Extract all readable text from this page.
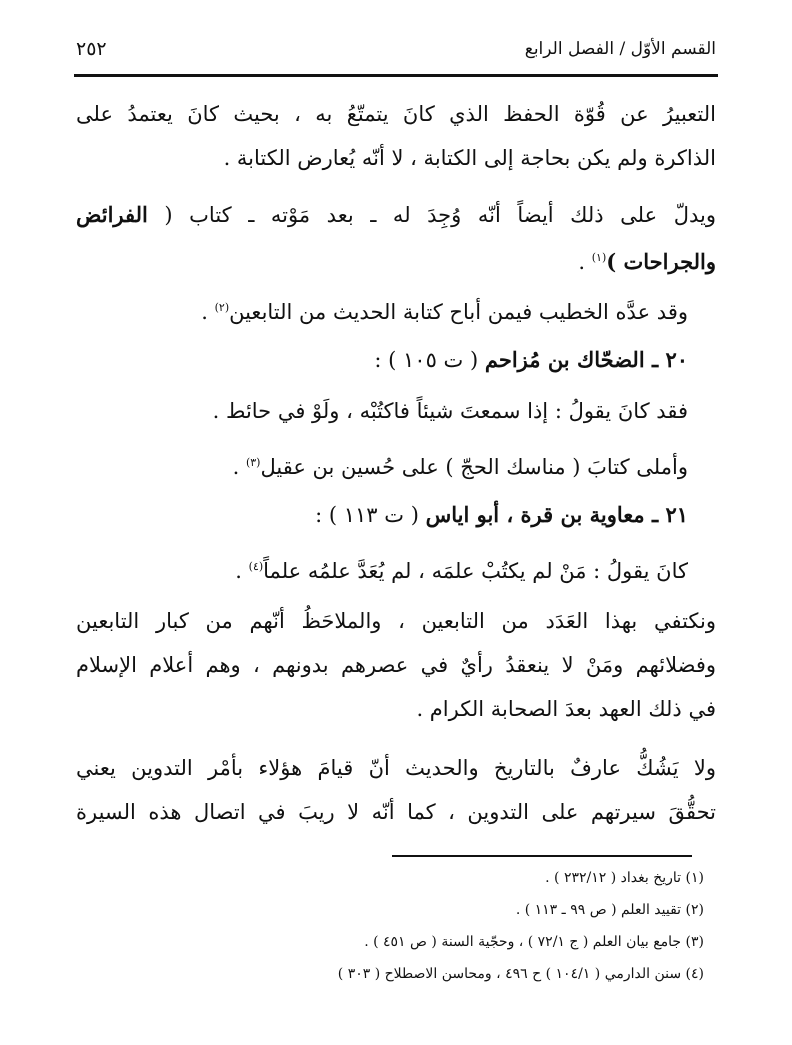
القسم الأوّل / الفصل الرابع
٢٥٢
التعبيرُ عن قُوّة الحفظ الذي كانَ يتمتّعُ به ، بحيث كانَ يعتمدُ على
الذاكرة ولم يكن بحاجة إلى الكتابة ، لا أنّه يُعارض الكتابة .
ويدلّ على ذلك أيضاً أنّه وُجِدَ له ـ بعد مَوْته ـ كتاب ( الفرائض
والجراحات )$^{(١)}$ .
وقد عدَّه الخطيب فيمن أباح كتابة الحديث من التابعين$^{(٢)}$ .
٢٠ ـ الضحّاك بن مُزاحم ( ت ١٠٥ ) :
فقد كانَ يقولُ : إذا سمعتَ شيئاً فاكتُبْه ، ولَوْ في حائط .
وأملى كتابَ ( مناسك الحجّ ) على حُسين بن عقيل$^{(٣)}$ .
٢١ ـ معاوية بن قرة ، أبو اياس ( ت ١١٣ ) :
كانَ يقولُ : مَنْ لم يكتُبْ علمَه ، لم يُعَدَّ علمُه علماً$^{(٤)}$ .
ونكتفي بهذا العَدَد من التابعين ، والملاحَظُ أنّهم من كبار التابعين
وفضلائهم ومَنْ لا ينعقدُ رأيٌ في عصرهم بدونهم ، وهم أعلام الإسلام
في ذلك العهد بعدَ الصحابة الكرام .
ولا يَشُكُّ عارفٌ بالتاريخ والحديث أنّ قيامَ هؤلاء بأمْر التدوين يعني
تحقُّقَ سيرتهم على التدوين ، كما أنّه لا ريبَ في اتصال هذه السيرة
(١) تاريخ بغداد ( ٢٣٢/١٢ ) .
(٢) تقييد العلم ( ص ٩٩ ـ ١١٣ ) .
(٣) جامع بيان العلم ( ج ٧٢/١ ) ، وحجّية السنة ( ص ٤٥١ ) .
(٤) سنن الدارمي ( ١٠٤/١ ) ح ٤٩٦ ، ومحاسن الاصطلاح ( ٣٠٣ )
